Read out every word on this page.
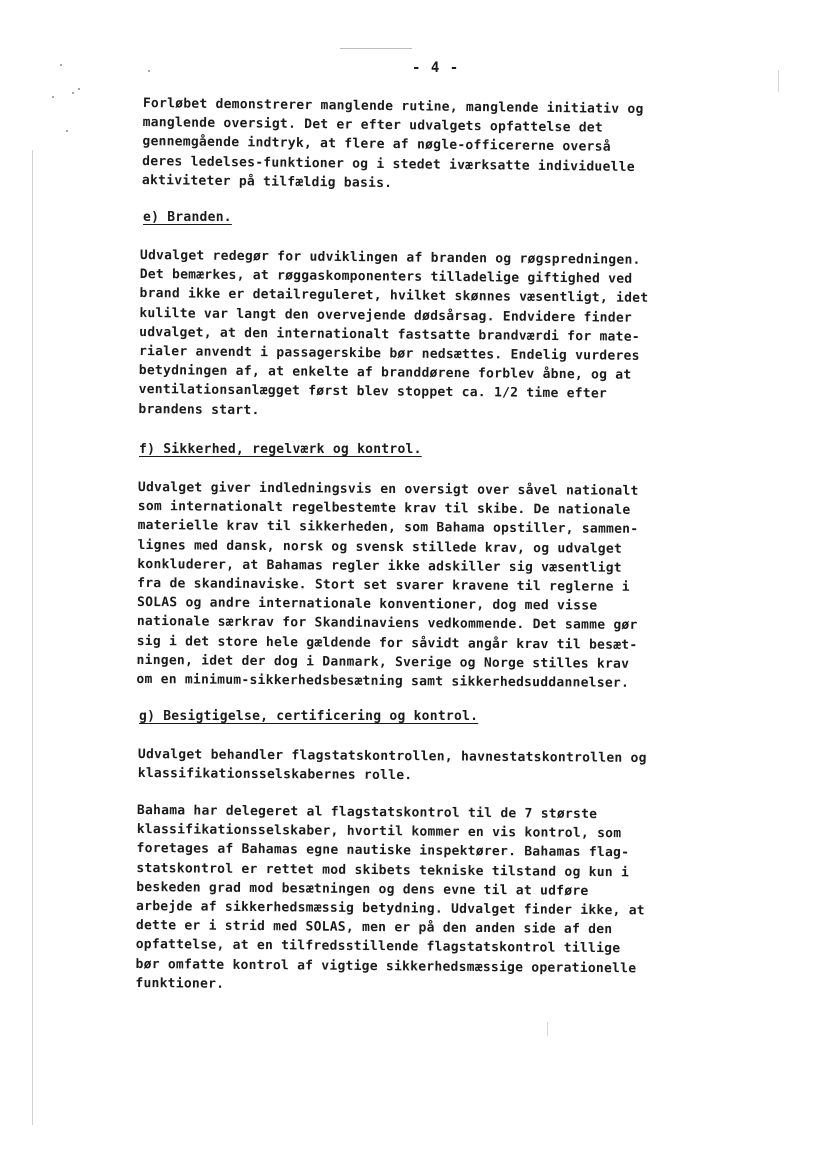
- 4 -
Forløbet demonstrerer manglende rutine, manglende initiativ og
manglende oversigt. Det er efter udvalgets opfattelse det
gennemgående indtryk, at flere af nøgle-officererne overså
deres ledelses-funktioner og i stedet iværksatte individuelle
aktiviteter på tilfældig basis.
e) Branden.
Udvalget redegør for udviklingen af branden og røgspredningen.
Det bemærkes, at røggaskomponenters tilladelige giftighed ved
brand ikke er detailreguleret, hvilket skønnes væsentligt, idet
kulilte var langt den overvejende dødsårsag. Endvidere finder
udvalget, at den internationalt fastsatte brandværdi for mate-
rialer anvendt i passagerskibe bør nedsættes. Endelig vurderes
betydningen af, at enkelte af branddørene forblev åbne, og at
ventilationsanlægget først blev stoppet ca. 1/2 time efter
brandens start.
f) Sikkerhed, regelværk og kontrol.
Udvalget giver indledningsvis en oversigt over såvel nationalt
som internationalt regelbestemte krav til skibe. De nationale
materielle krav til sikkerheden, som Bahama opstiller, sammen-
lignes med dansk, norsk og svensk stillede krav, og udvalget
konkluderer, at Bahamas regler ikke adskiller sig væsentligt
fra de skandinaviske. Stort set svarer kravene til reglerne i
SOLAS og andre internationale konventioner, dog med visse
nationale særkrav for Skandinaviens vedkommende. Det samme gør
sig i det store hele gældende for såvidt angår krav til besæt-
ningen, idet der dog i Danmark, Sverige og Norge stilles krav
om en minimum-sikkerhedsbesætning samt sikkerhedsuddannelser.
g) Besigtigelse, certificering og kontrol.
Udvalget behandler flagstatskontrollen, havnestatskontrollen og
klassifikationsselskabernes rolle.
Bahama har delegeret al flagstatskontrol til de 7 største
klassifikationsselskaber, hvortil kommer en vis kontrol, som
foretages af Bahamas egne nautiske inspektører. Bahamas flag-
statskontrol er rettet mod skibets tekniske tilstand og kun i
beskeden grad mod besætningen og dens evne til at udføre
arbejde af sikkerhedsmæssig betydning. Udvalget finder ikke, at
dette er i strid med SOLAS, men er på den anden side af den
opfattelse, at en tilfredsstillende flagstatskontrol tillige
bør omfatte kontrol af vigtige sikkerhedsmæssige operationelle
funktioner.
